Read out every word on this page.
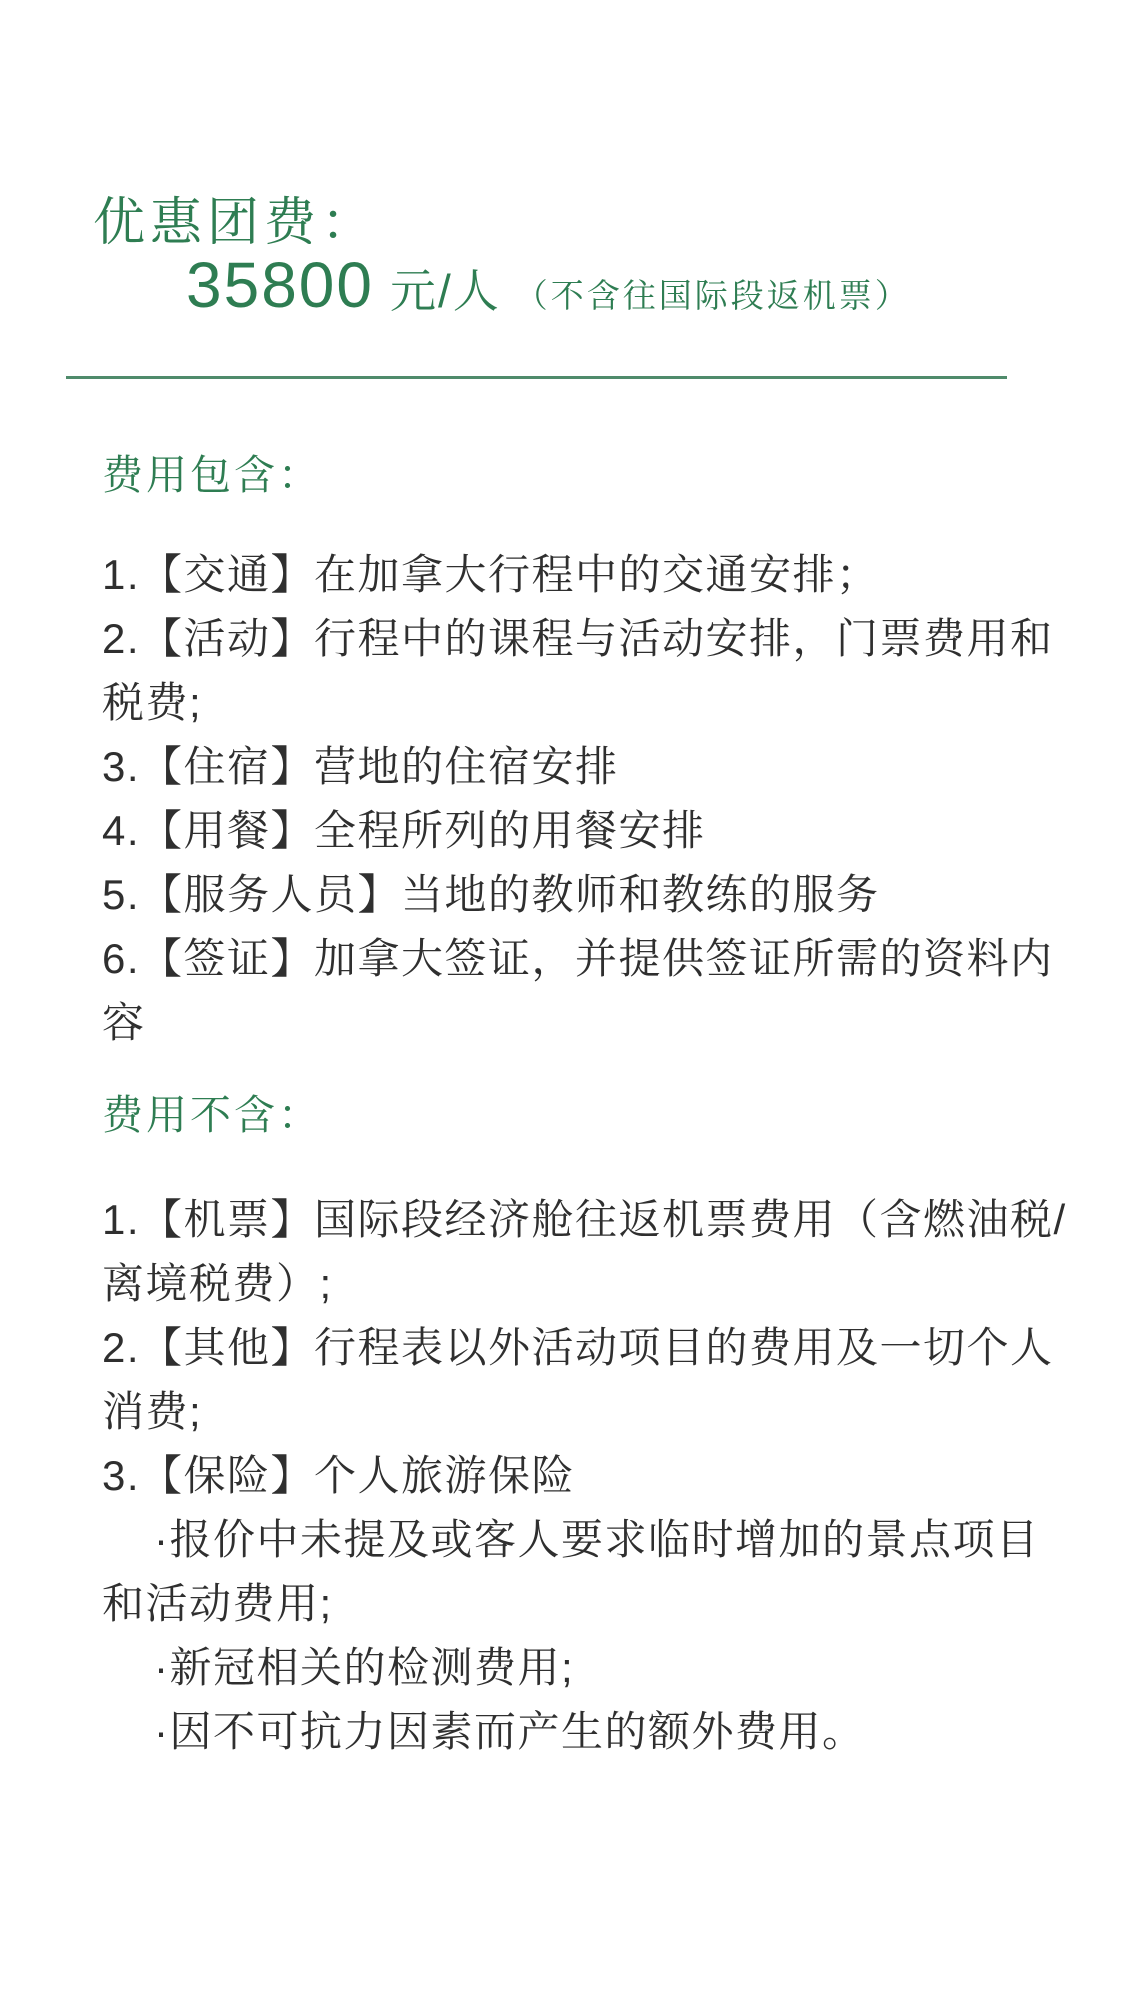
优惠团费：
35800 元/人 （不含往国际段返机票）
费用包含：

1.【交通】在加拿大行程中的交通安排；

2.【活动】行程中的课程与活动安排，门票费用和税费;

3.【住宿】营地的住宿安排

4.【用餐】全程所列的用餐安排

5.【服务人员】当地的教师和教练的服务

6.【签证】加拿大签证，并提供签证所需的资料内容

费用不含：

1.【机票】国际段经济舱往返机票费用（含燃油税/离境税费）;

2.【其他】行程表以外活动项目的费用及一切个人消费;

3.【保险】个人旅游保险

·报价中未提及或客人要求临时增加的景点项目和活动费用;

·新冠相关的检测费用;

·因不可抗力因素而产生的额外费用。
